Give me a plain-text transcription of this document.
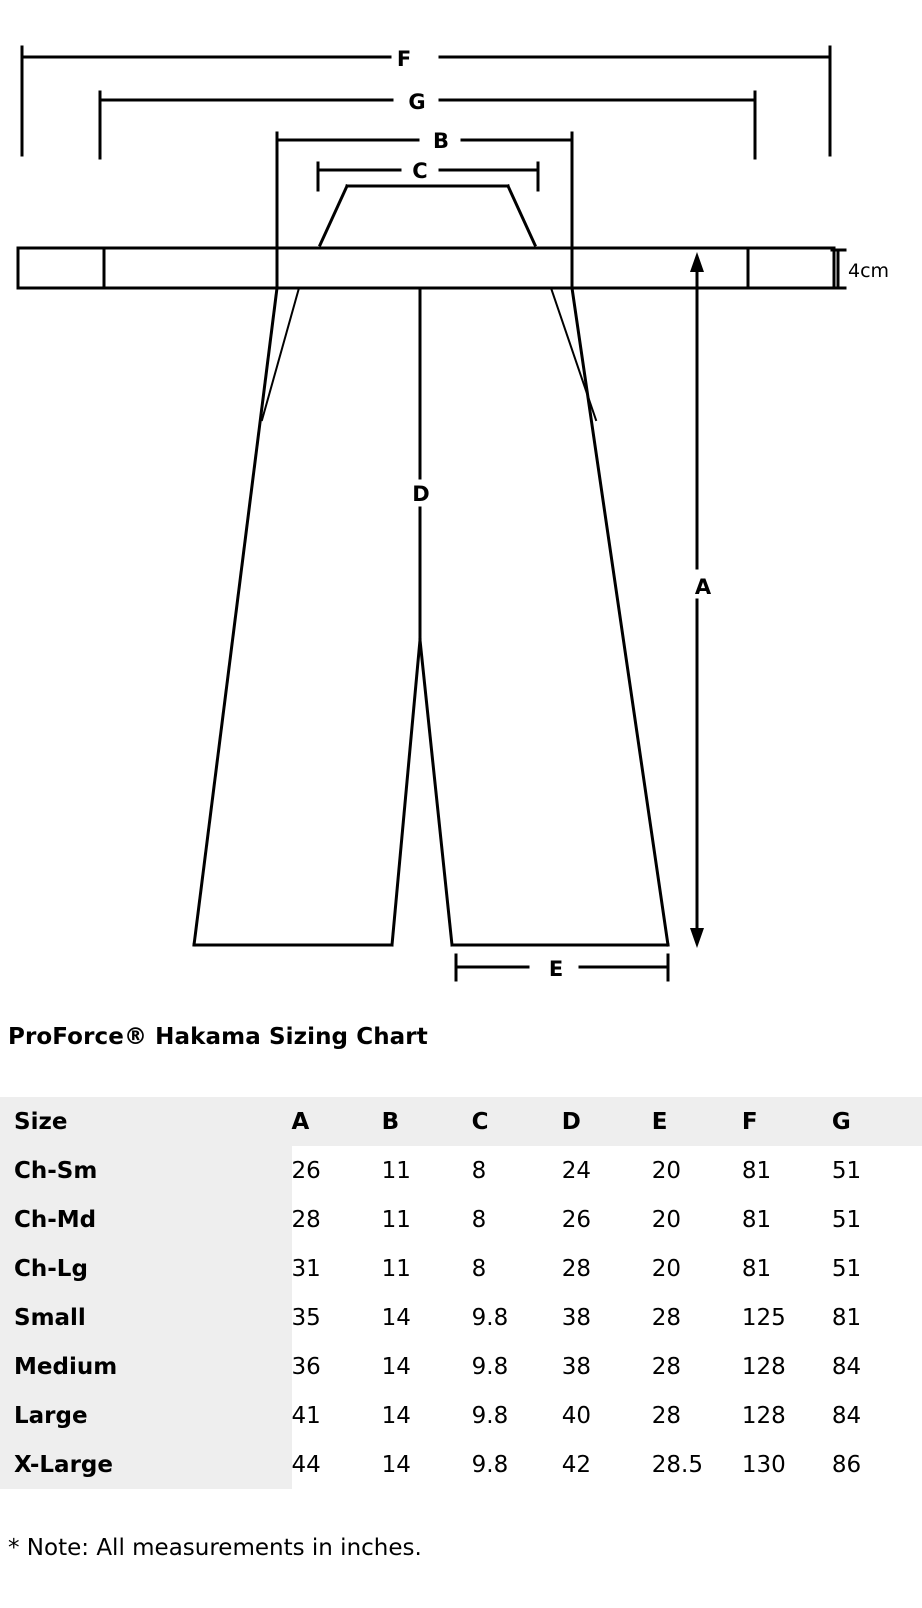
F
G
B
C
D
A
E
4cm
ProForce® Hakama Sizing Chart
Size	A	B	C	D	E	F	G
Ch-Sm	26	11	8	24	20	81	51
Ch-Md	28	11	8	26	20	81	51
Ch-Lg	31	11	8	28	20	81	51
Small	35	14	9.8	38	28	125	81
Medium	36	14	9.8	38	28	128	84
Large	41	14	9.8	40	28	128	84
X-Large	44	14	9.8	42	28.5	130	86
* Note: All measurements in inches.
